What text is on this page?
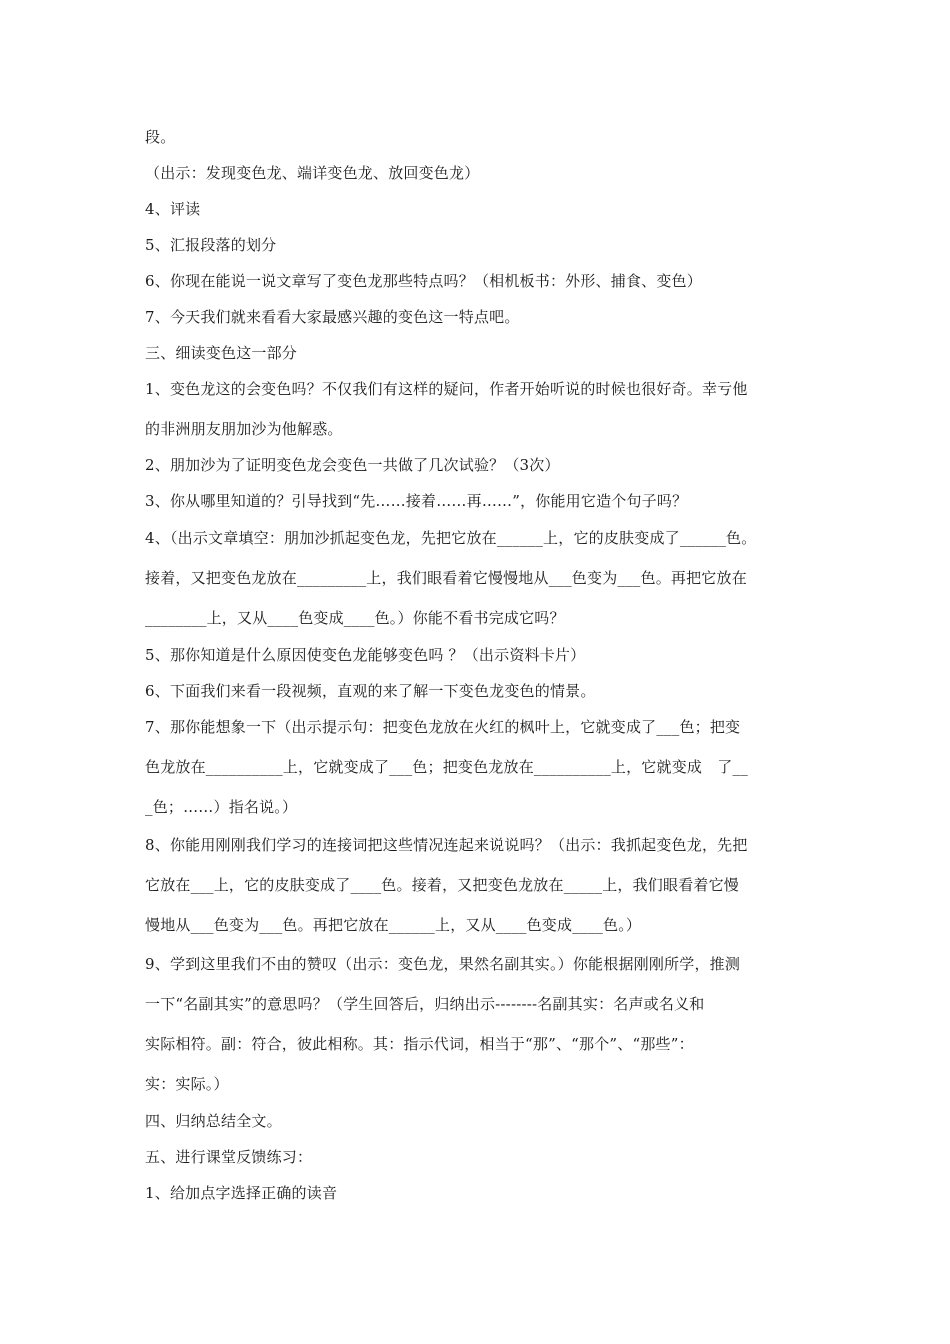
段。

（出示：发现变色龙、端详变色龙、放回变色龙）

4、评读

5、汇报段落的划分

6、你现在能说一说文章写了变色龙那些特点吗？（相机板书：外形、捕食、变色）

7、今天我们就来看看大家最感兴趣的变色这一特点吧。

三、细读变色这一部分

1、变色龙这的会变色吗？不仅我们有这样的疑问，作者开始听说的时候也很好奇。幸亏他

的非洲朋友朋加沙为他解惑。

2、朋加沙为了证明变色龙会变色一共做了几次试验？（3次）

3、你从哪里知道的？引导找到“先……接着……再……”，你能用它造个句子吗？

4、（出示文章填空：朋加沙抓起变色龙，先把它放在______上，它的皮肤变成了______色。

接着，又把变色龙放在_________上，我们眼看着它慢慢地从___色变为___色。再把它放在

________上，又从____色变成____色。）你能不看书完成它吗？

5、那你知道是什么原因使变色龙能够变色吗 ？（出示资料卡片）

6、下面我们来看一段视频，直观的来了解一下变色龙变色的情景。

7、那你能想象一下（出示提示句：把变色龙放在火红的枫叶上，它就变成了___色；把变

色龙放在__________上，它就变成了___色；把变色龙放在__________上，它就变成　了__

_色；……）指名说。）

8、你能用刚刚我们学习的连接词把这些情况连起来说说吗？（出示：我抓起变色龙，先把

它放在___上，它的皮肤变成了____色。接着，又把变色龙放在_____上，我们眼看着它慢

慢地从___色变为___色。再把它放在______上，又从____色变成____色。）

9、学到这里我们不由的赞叹（出示：变色龙，果然名副其实。）你能根据刚刚所学，推测

一下“名副其实”的意思吗？（学生回答后，归纳出示--------名副其实：名声或名义和

实际相符。副：符合，彼此相称。其：指示代词，相当于“那”、“那个”、“那些”：

实：实际。）

四、归纳总结全文。

五、进行课堂反馈练习：

1、给加点字选择正确的读音
